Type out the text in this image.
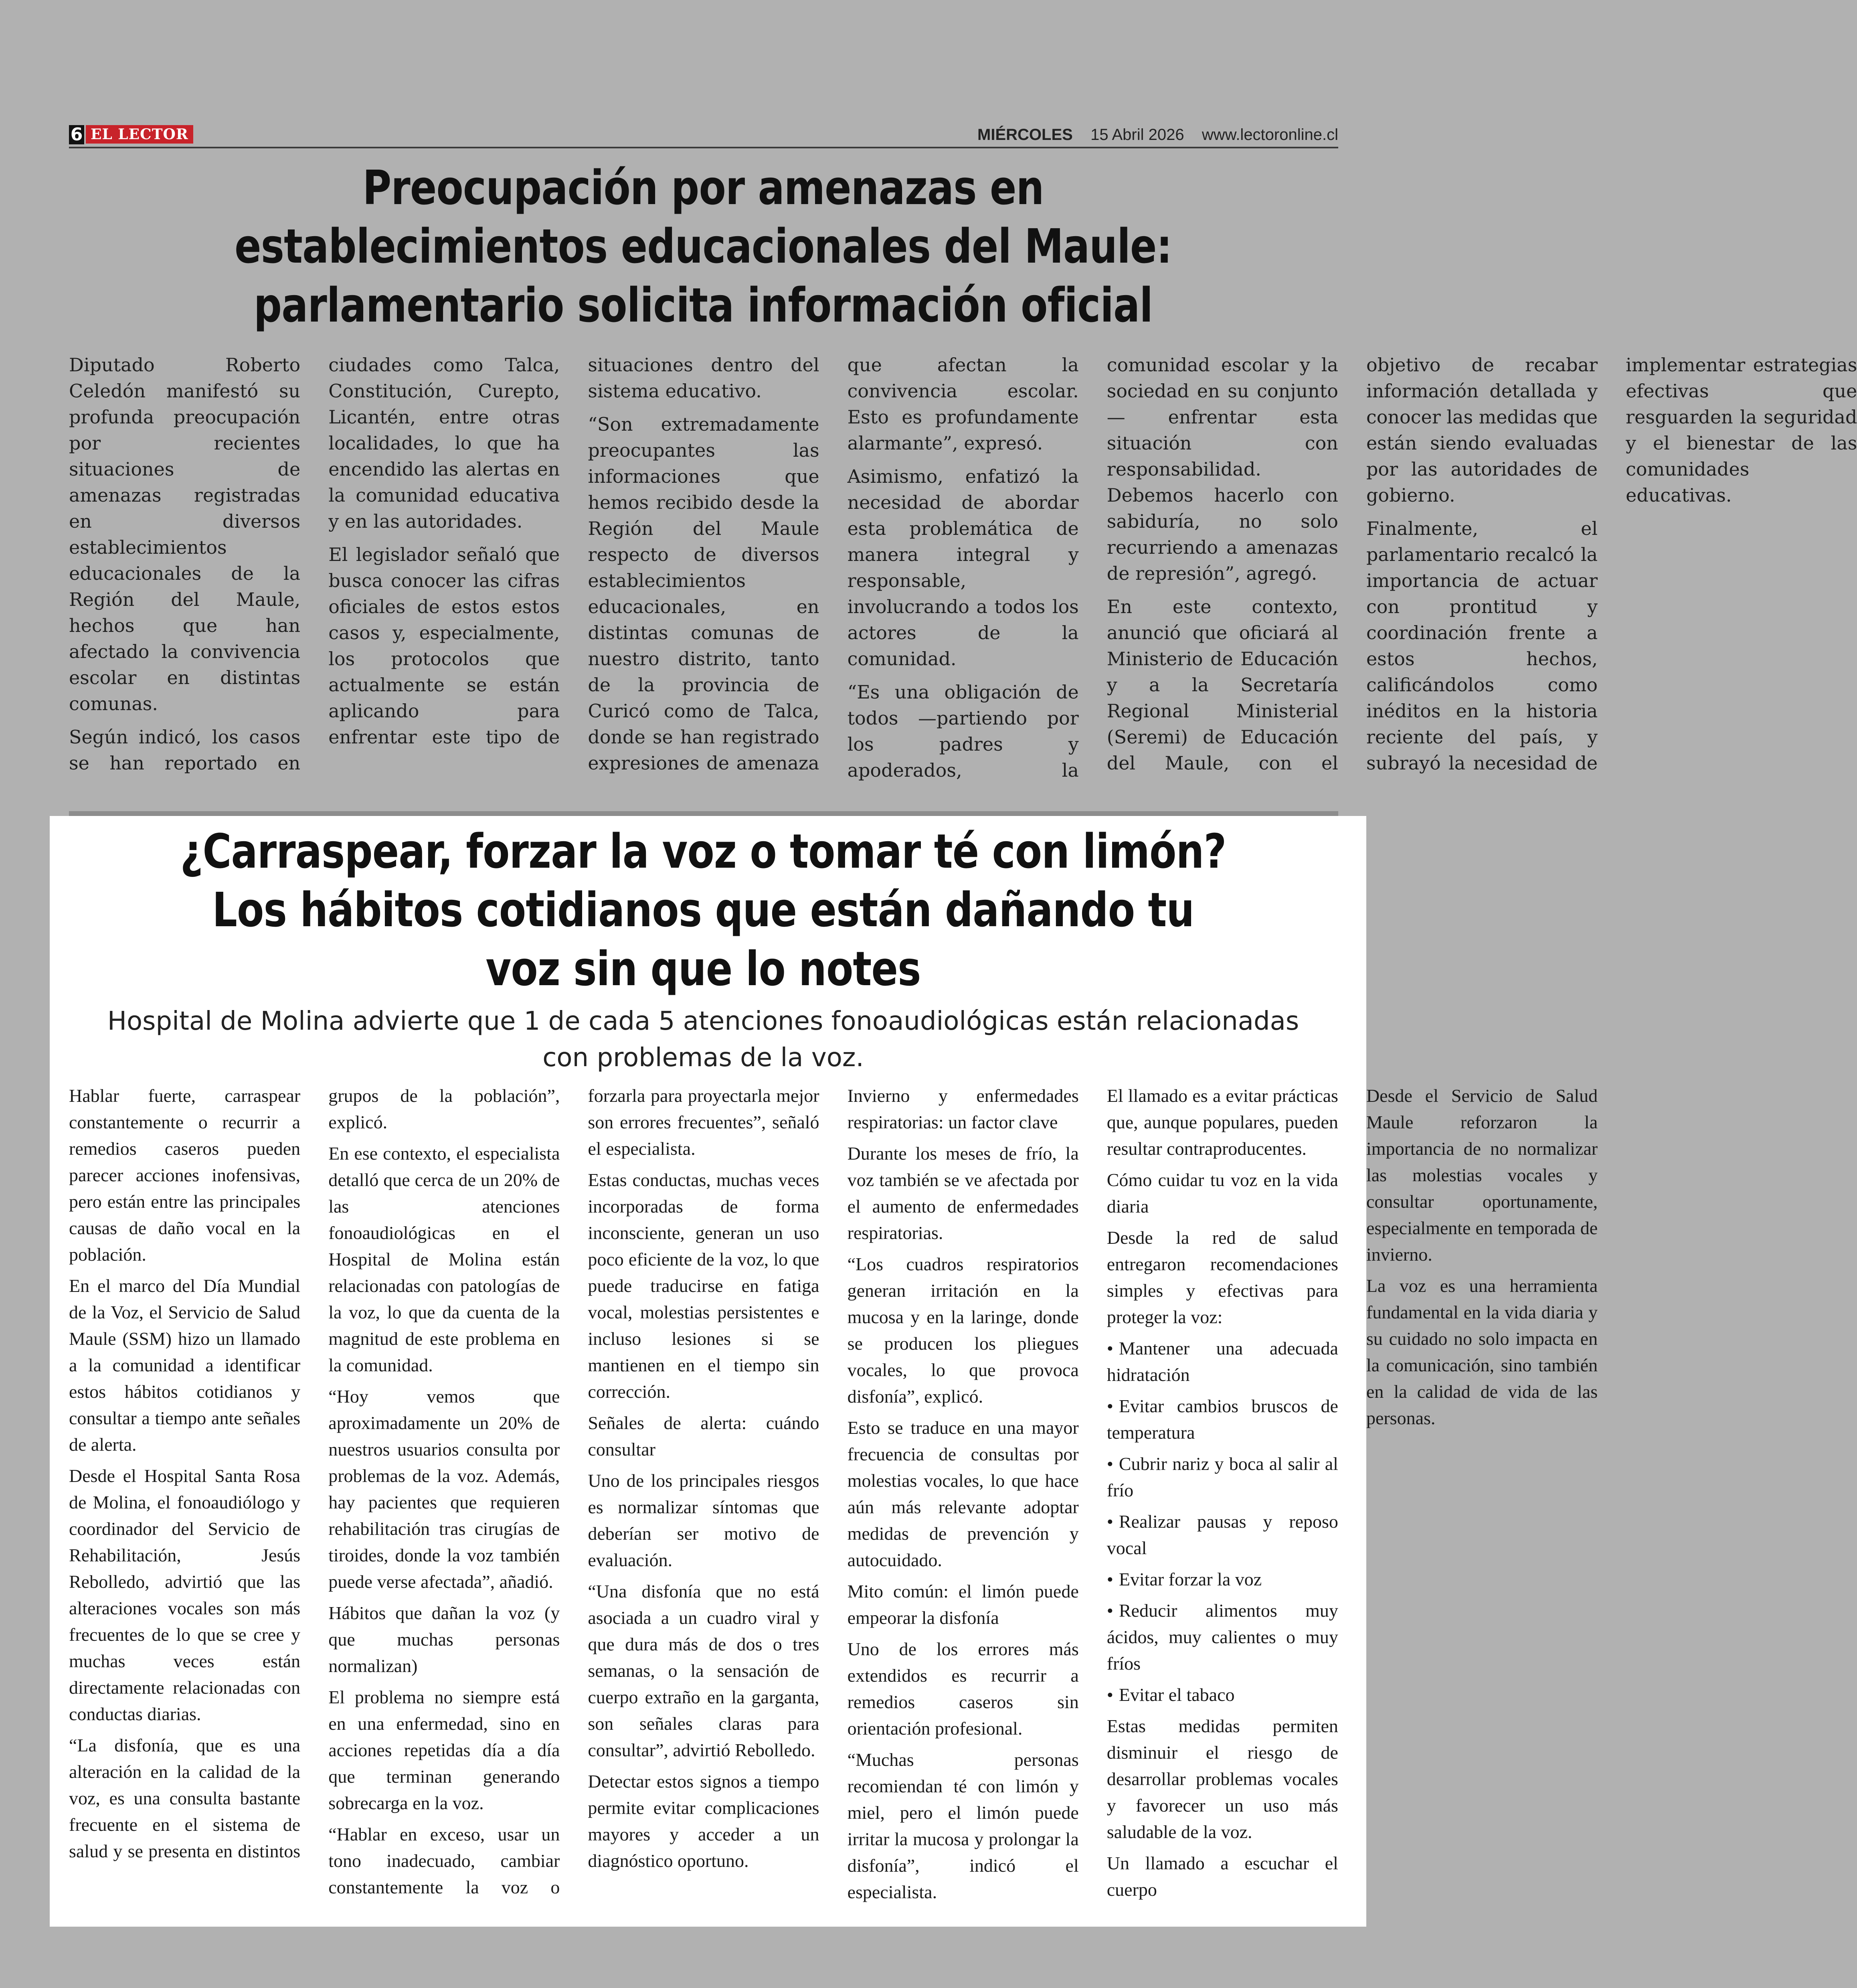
6 EL LECTOR	MIÉRCOLES 15 Abril 2026 www.lectoronline.cl
Preocupación por amenazas en establecimientos educacionales del Maule: parlamentario solicita información oficial

Diputado Roberto Celedón manifestó su profunda preocupación por recientes situaciones de amenazas registradas en diversos establecimientos educacionales de la Región del Maule, hechos que han afectado la convivencia escolar en distintas comunas.

Según indicó, los casos se han reportado en ciudades como Talca, Constitución, Curepto, Licantén, entre otras localidades, lo que ha encendido las alertas en la comunidad educativa y en las autoridades.

El legislador señaló que busca conocer las cifras oficiales de estos estos casos y, especialmente, los protocolos que actualmente se están aplicando para enfrentar este tipo de situaciones dentro del sistema educativo.

“Son extremadamente preocupantes las informaciones que hemos recibido desde la Región del Maule respecto de diversos establecimientos educacionales, en distintas comunas de nuestro distrito, tanto de la provincia de Curicó como de Talca, donde se han registrado expresiones de amenaza que afectan la convivencia escolar. Esto es profundamente alarmante”, expresó.

Asimismo, enfatizó la necesidad de abordar esta problemática de manera integral y responsable, involucrando a todos los actores de la comunidad.

“Es una obligación de todos —partiendo por los padres y apoderados, la comunidad escolar y la sociedad en su conjunto— enfrentar esta situación con responsabilidad. Debemos hacerlo con sabiduría, no solo recurriendo a amenazas de represión”, agregó.

En este contexto, anunció que oficiará al Ministerio de Educación y a la Secretaría Regional Ministerial (Seremi) de Educación del Maule, con el objetivo de recabar información detallada y conocer las medidas que están siendo evaluadas por las autoridades de gobierno.

Finalmente, el parlamentario recalcó la importancia de actuar con prontitud y coordinación frente a estos hechos, calificándolos como inéditos en la historia reciente del país, y subrayó la necesidad de implementar estrategias efectivas que resguarden la seguridad y el bienestar de las comunidades educativas.

¿Carraspear, forzar la voz o tomar té con limón? Los hábitos cotidianos que están dañando tu voz sin que lo notes
Hospital de Molina advierte que 1 de cada 5 atenciones fonoaudiológicas están relacionadas con problemas de la voz.

Hablar fuerte, carraspear constantemente o recurrir a remedios caseros pueden parecer acciones inofensivas, pero están entre las principales causas de daño vocal en la población.

En el marco del Día Mundial de la Voz, el Servicio de Salud Maule (SSM) hizo un llamado a la comunidad a identificar estos hábitos cotidianos y consultar a tiempo ante señales de alerta.

Desde el Hospital Santa Rosa de Molina, el fonoaudiólogo y coordinador del Servicio de Rehabilitación, Jesús Rebolledo, advirtió que las alteraciones vocales son más frecuentes de lo que se cree y muchas veces están directamente relacionadas con conductas diarias.

“La disfonía, que es una alteración en la calidad de la voz, es una consulta bastante frecuente en el sistema de salud y se presenta en distintos grupos de la población”, explicó.

En ese contexto, el especialista detalló que cerca de un 20% de las atenciones fonoaudiológicas en el Hospital de Molina están relacionadas con patologías de la voz, lo que da cuenta de la magnitud de este problema en la comunidad.

“Hoy vemos que aproximadamente un 20% de nuestros usuarios consulta por problemas de la voz. Además, hay pacientes que requieren rehabilitación tras cirugías de tiroides, donde la voz también puede verse afectada”, añadió.

Hábitos que dañan la voz (y que muchas personas normalizan)

El problema no siempre está en una enfermedad, sino en acciones repetidas día a día que terminan generando sobrecarga en la voz.

“Hablar en exceso, usar un tono inadecuado, cambiar constantemente la voz o forzarla para proyectarla mejor son errores frecuentes”, señaló el especialista.

Estas conductas, muchas veces incorporadas de forma inconsciente, generan un uso poco eficiente de la voz, lo que puede traducirse en fatiga vocal, molestias persistentes e incluso lesiones si se mantienen en el tiempo sin corrección.

Señales de alerta: cuándo consultar

Uno de los principales riesgos es normalizar síntomas que deberían ser motivo de evaluación.

“Una disfonía que no está asociada a un cuadro viral y que dura más de dos o tres semanas, o la sensación de cuerpo extraño en la garganta, son señales claras para consultar”, advirtió Rebolledo.

Detectar estos signos a tiempo permite evitar complicaciones mayores y acceder a un diagnóstico oportuno.

Invierno y enfermedades respiratorias: un factor clave

Durante los meses de frío, la voz también se ve afectada por el aumento de enfermedades respiratorias.

“Los cuadros respiratorios generan irritación en la mucosa y en la laringe, donde se producen los pliegues vocales, lo que provoca disfonía”, explicó.

Esto se traduce en una mayor frecuencia de consultas por molestias vocales, lo que hace aún más relevante adoptar medidas de prevención y autocuidado.

Mito común: el limón puede empeorar la disfonía

Uno de los errores más extendidos es recurrir a remedios caseros sin orientación profesional.

“Muchas personas recomiendan té con limón y miel, pero el limón puede irritar la mucosa y prolongar la disfonía”, indicó el especialista.

El llamado es a evitar prácticas que, aunque populares, pueden resultar contraproducentes.

Cómo cuidar tu voz en la vida diaria

Desde la red de salud entregaron recomendaciones simples y efectivas para proteger la voz:

• Mantener una adecuada hidratación

• Evitar cambios bruscos de temperatura

• Cubrir nariz y boca al salir al frío

• Realizar pausas y reposo vocal

• Evitar forzar la voz

• Reducir alimentos muy ácidos, muy calientes o muy fríos

• Evitar el tabaco

Estas medidas permiten disminuir el riesgo de desarrollar problemas vocales y favorecer un uso más saludable de la voz.

Un llamado a escuchar el cuerpo

Desde el Servicio de Salud Maule reforzaron la importancia de no normalizar las molestias vocales y consultar oportunamente, especialmente en temporada de invierno.

La voz es una herramienta fundamental en la vida diaria y su cuidado no solo impacta en la comunicación, sino también en la calidad de vida de las personas.
